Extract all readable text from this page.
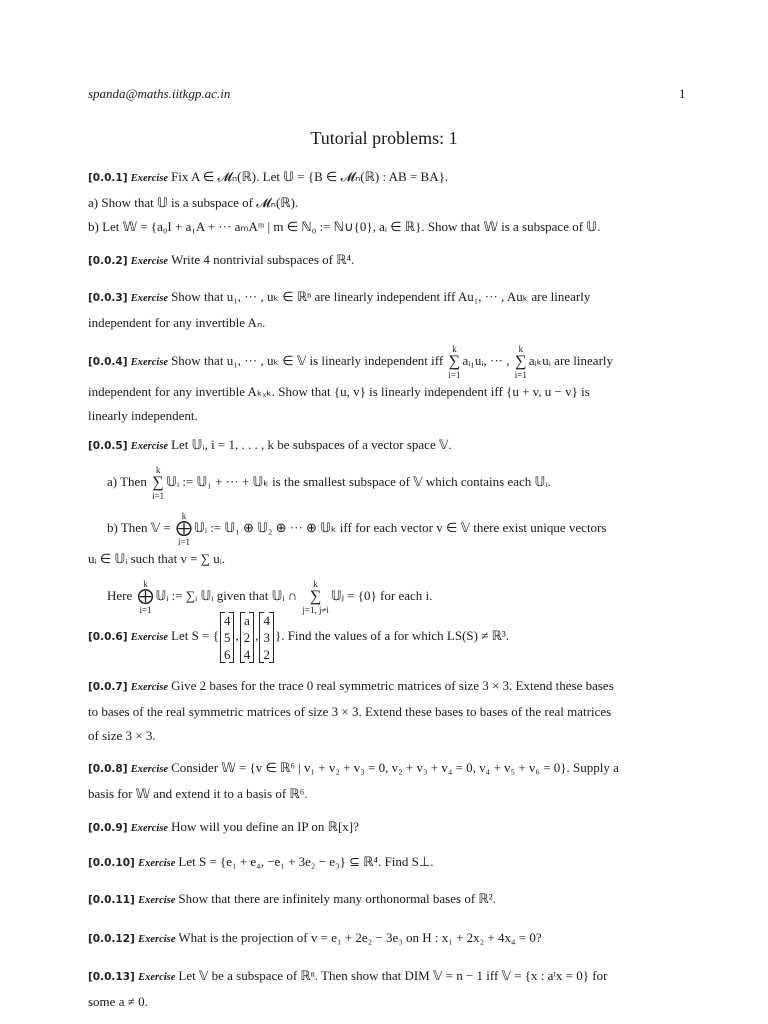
spanda@maths.iitkgp.ac.in	1
Tutorial problems: 1
[0.0.1] Exercise Fix A ∈ 𝓜ₙ(ℝ). Let 𝕌 = {B ∈ 𝓜ₙ(ℝ) : AB = BA}.
a) Show that 𝕌 is a subspace of 𝓜ₙ(ℝ).
b) Let 𝕎 = {a₀I + a₁A + ··· aₘAᵐ | m ∈ ℕ₀ := ℕ∪{0}, aᵢ ∈ ℝ}. Show that 𝕎 is a subspace of 𝕌.
[0.0.2] Exercise Write 4 nontrivial subspaces of ℝ⁴.
[0.0.3] Exercise Show that u₁, ··· , uₖ ∈ ℝⁿ are linearly independent iff Au₁, ··· , Auₖ are linearly
independent for any invertible Aₙ.
[0.0.4] Exercise Show that u₁, ··· , uₖ ∈ 𝕍 is linearly independent iff
k
∑
i=1
aᵢ₁uᵢ, ··· ,
k
∑
i=1
aᵢₖuᵢ are linearly
independent for any invertible Aₖₓₖ. Show that {u, v} is linearly independent iff {u + v, u − v} is
linearly independent.
[0.0.5] Exercise Let 𝕌ᵢ, i = 1, . . . , k be subspaces of a vector space 𝕍.
a) Then
k
∑
i=1
𝕌ᵢ := 𝕌₁ + ··· + 𝕌ₖ is the smallest subspace of 𝕍 which contains each 𝕌ᵢ.
b) Then 𝕍 =
k
⨁
i=1
𝕌ᵢ := 𝕌₁ ⊕ 𝕌₂ ⊕ ··· ⊕ 𝕌ₖ iff for each vector v ∈ 𝕍 there exist unique vectors
uᵢ ∈ 𝕌ᵢ such that v = ∑ uᵢ.
Here
k
⨁
i=1
𝕌ᵢ := ∑ᵢ 𝕌ᵢ given that 𝕌ᵢ ∩
k
∑
j=1, j≠i
𝕌ⱼ = {0} for each i.
[0.0.6] Exercise Let S = {
4
5
6
,
a
2
4
,
4
3
2
}. Find the values of a for which LS(S) ≠ ℝ³.
[0.0.7] Exercise Give 2 bases for the trace 0 real symmetric matrices of size 3 × 3. Extend these bases
to bases of the real symmetric matrices of size 3 × 3. Extend these bases to bases of the real matrices
of size 3 × 3.
[0.0.8] Exercise Consider 𝕎 = {v ∈ ℝ⁶ | v₁ + v₂ + v₃ = 0, v₂ + v₃ + v₄ = 0, v₄ + v₅ + v₆ = 0}. Supply a
basis for 𝕎 and extend it to a basis of ℝ⁶.
[0.0.9] Exercise How will you define an IP on ℝ[x]?
[0.0.10] Exercise Let S = {e₁ + e₄, −e₁ + 3e₂ − e₃} ⊆ ℝ⁴. Find S⊥.
[0.0.11] Exercise Show that there are infinitely many orthonormal bases of ℝ².
[0.0.12] Exercise What is the projection of v = e₁ + 2e₂ − 3e₃ on H : x₁ + 2x₂ + 4x₄ = 0?
[0.0.13] Exercise Let 𝕍 be a subspace of ℝⁿ. Then show that DIM 𝕍 = n − 1 iff 𝕍 = {x : aᵗx = 0} for
some a ≠ 0.
